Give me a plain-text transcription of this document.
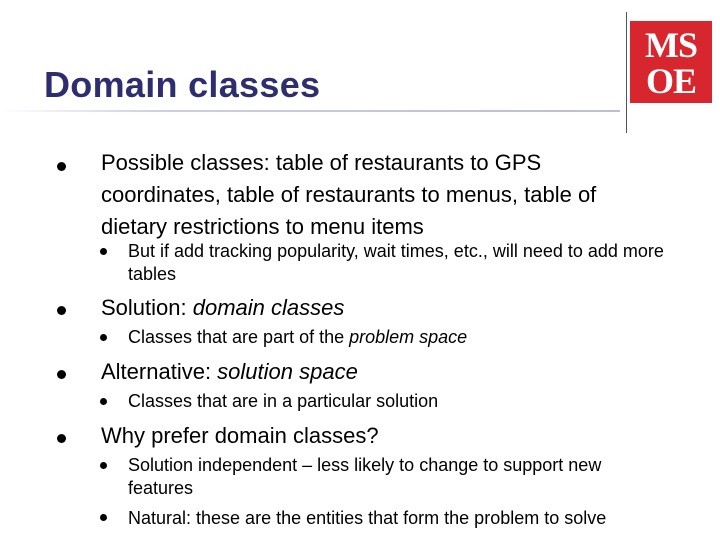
Domain classes
MS
OE
Possible classes: table of restaurants to GPS coordinates, table of restaurants to menus, table of dietary restrictions to menu items
But if add tracking popularity, wait times, etc., will need to add more tables
Solution: domain classes
Classes that are part of the problem space
Alternative: solution space
Classes that are in a particular solution
Why prefer domain classes?
Solution independent – less likely to change to support new features
Natural: these are the entities that form the problem to solve
